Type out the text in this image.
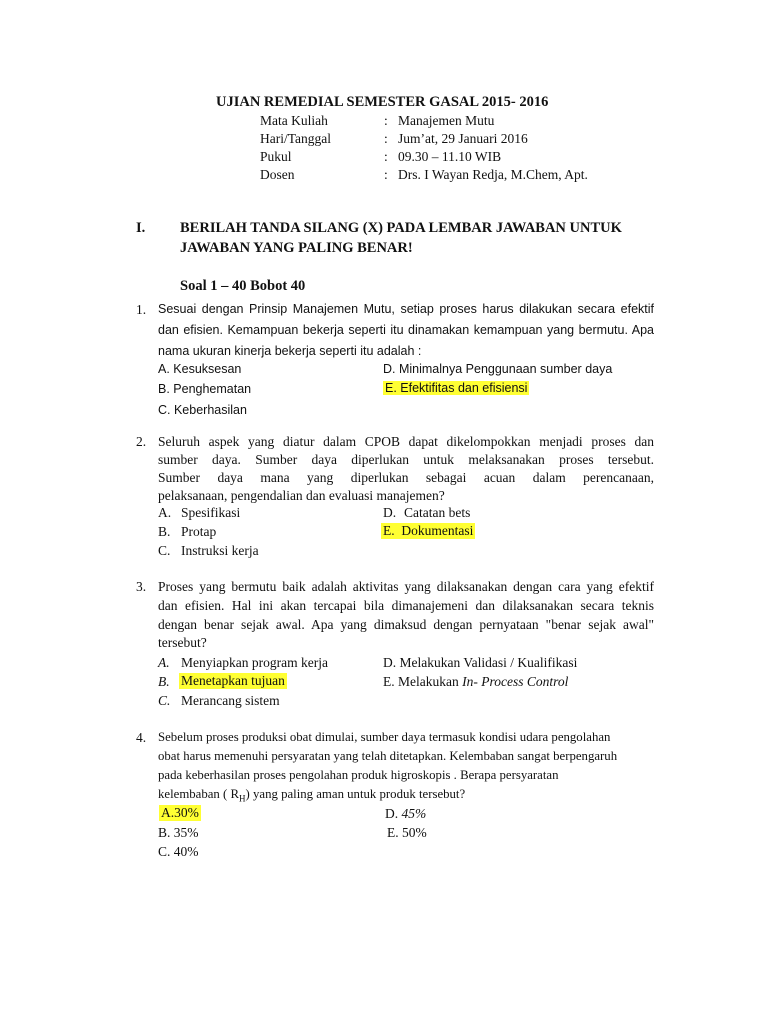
UJIAN REMEDIAL SEMESTER GASAL 2015- 2016
Mata Kuliah	: Manajemen Mutu
Hari/Tanggal	: Jum’at, 29 Januari 2016
Pukul	: 09.30 – 11.10 WIB
Dosen	: Drs. I Wayan Redja, M.Chem, Apt.
I. BERILAH TANDA SILANG (X) PADA LEMBAR JAWABAN UNTUK
JAWABAN YANG PALING BENAR!
Soal 1 – 40 Bobot 40
1. Sesuai dengan Prinsip Manajemen Mutu, setiap proses harus dilakukan secara efektif
dan efisien. Kemampuan bekerja seperti itu dinamakan kemampuan yang bermutu. Apa
nama ukuran kinerja bekerja seperti itu adalah :
A. Kesuksesan
B. Penghematan
C. Keberhasilan
D. Minimalnya Penggunaan sumber daya
E. Efektifitas dan efisiensi
2. Seluruh aspek yang diatur dalam CPOB dapat dikelompokkan menjadi proses dan
sumber daya. Sumber daya diperlukan untuk melaksanakan proses tersebut.
Sumber daya mana yang diperlukan sebagai acuan dalam perencanaan,
pelaksanaan, pengendalian dan evaluasi manajemen?
A. Spesifikasi
B. Protap
C. Instruksi kerja
D. Catatan bets
E. Dokumentasi
3. Proses yang bermutu baik adalah aktivitas yang dilaksanakan dengan cara yang efektif
dan efisien. Hal ini akan tercapai bila dimanajemeni dan dilaksanakan secara teknis
dengan benar sejak awal. Apa yang dimaksud dengan pernyataan "benar sejak awal"
tersebut?
A. Menyiapkan program kerja
B. Menetapkan tujuan
C. Merancang sistem
D. Melakukan Validasi / Kualifikasi
E. Melakukan In- Process Control
4. Sebelum proses produksi obat dimulai, sumber daya termasuk kondisi udara pengolahan
obat harus memenuhi persyaratan yang telah ditetapkan. Kelembaban sangat berpengaruh
pada keberhasilan proses pengolahan produk higroskopis . Berapa persyaratan
kelembaban ( $R_H$) yang paling aman untuk produk tersebut?
A.30%
B. 35%
C. 40%
D. 45%
E. 50%
